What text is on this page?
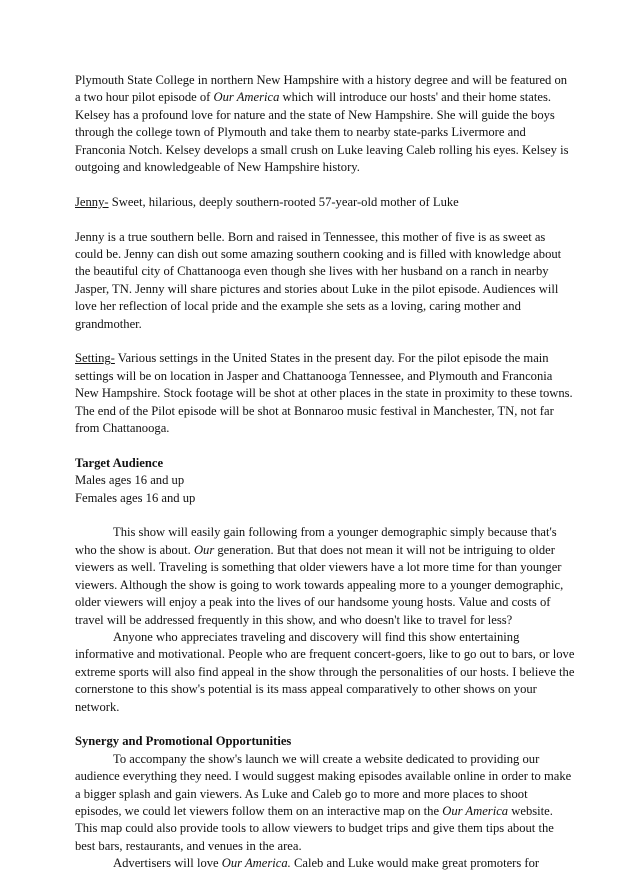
Plymouth State College in northern New Hampshire with a history degree and will be featured on a two hour pilot episode of Our America which will introduce our hosts' and their home states. Kelsey has a profound love for nature and the state of New Hampshire. She will guide the boys through the college town of Plymouth and take them to nearby state-parks Livermore and Franconia Notch. Kelsey develops a small crush on Luke leaving Caleb rolling his eyes. Kelsey is outgoing and knowledgeable of New Hampshire history.

Jenny- Sweet, hilarious, deeply southern-rooted 57-year-old mother of Luke

Jenny is a true southern belle. Born and raised in Tennessee, this mother of five is as sweet as could be. Jenny can dish out some amazing southern cooking and is filled with knowledge about the beautiful city of Chattanooga even though she lives with her husband on a ranch in nearby Jasper, TN. Jenny will share pictures and stories about Luke in the pilot episode. Audiences will love her reflection of local pride and the example she sets as a loving, caring mother and grandmother.

Setting- Various settings in the United States in the present day. For the pilot episode the main settings will be on location in Jasper and Chattanooga Tennessee, and Plymouth and Franconia New Hampshire. Stock footage will be shot at other places in the state in proximity to these towns. The end of the Pilot episode will be shot at Bonnaroo music festival in Manchester, TN, not far from Chattanooga.

Target Audience
Males ages 16 and up
Females ages 16 and up

This show will easily gain following from a younger demographic simply because that's who the show is about. Our generation. But that does not mean it will not be intriguing to older viewers as well. Traveling is something that older viewers have a lot more time for than younger viewers. Although the show is going to work towards appealing more to a younger demographic, older viewers will enjoy a peak into the lives of our handsome young hosts. Value and costs of travel will be addressed frequently in this show, and who doesn't like to travel for less?

Anyone who appreciates traveling and discovery will find this show entertaining informative and motivational. People who are frequent concert-goers, like to go out to bars, or love extreme sports will also find appeal in the show through the personalities of our hosts. I believe the cornerstone to this show's potential is its mass appeal comparatively to other shows on your network.

Synergy and Promotional Opportunities

To accompany the show's launch we will create a website dedicated to providing our audience everything they need. I would suggest making episodes available online in order to make a bigger splash and gain viewers. As Luke and Caleb go to more and more places to shoot episodes, we could let viewers follow them on an interactive map on the Our America website. This map could also provide tools to allow viewers to budget trips and give them tips about the best bars, restaurants, and venues in the area.

Advertisers will love Our America. Caleb and Luke would make great promoters for
